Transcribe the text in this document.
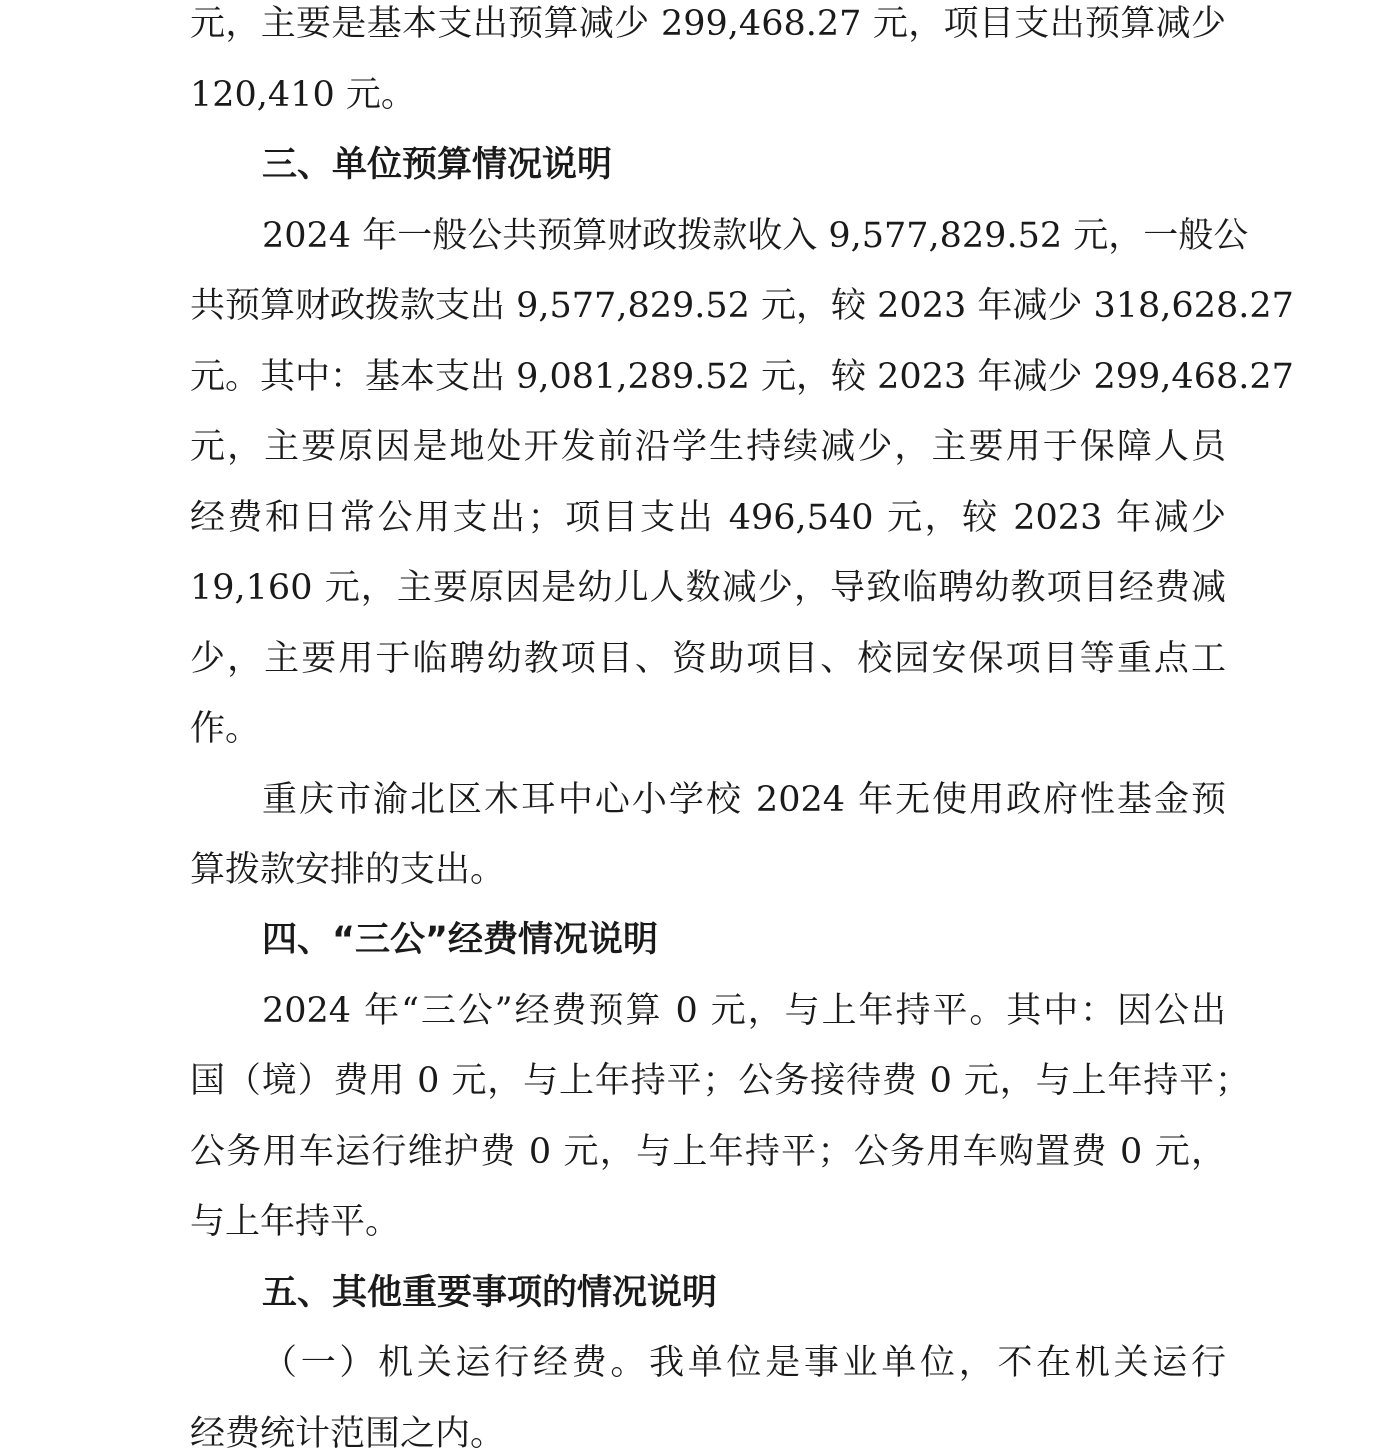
元，主要是基本支出预算减少 299,468.27 元，项目支出预算减少
120,410 元。
三、单位预算情况说明
2024 年一般公共预算财政拨款收入 9,577,829.52 元，一般公
共预算财政拨款支出 9,577,829.52 元，较 2023 年减少 318,628.27
元。其中：基本支出 9,081,289.52 元，较 2023 年减少 299,468.27
元，主要原因是地处开发前沿学生持续减少，主要用于保障人员
经费和日常公用支出；项目支出 496,540 元，较 2023 年减少
19,160 元，主要原因是幼儿人数减少，导致临聘幼教项目经费减
少，主要用于临聘幼教项目、资助项目、校园安保项目等重点工
作。
重庆市渝北区木耳中心小学校 2024 年无使用政府性基金预
算拨款安排的支出。
四、“三公”经费情况说明
2024 年“三公”经费预算 0 元，与上年持平。其中：因公出
国（境）费用 0 元，与上年持平；公务接待费 0 元，与上年持平；
公务用车运行维护费 0 元，与上年持平；公务用车购置费 0 元，
与上年持平。
五、其他重要事项的情况说明
（一）机关运行经费。我单位是事业单位，不在机关运行
经费统计范围之内。
